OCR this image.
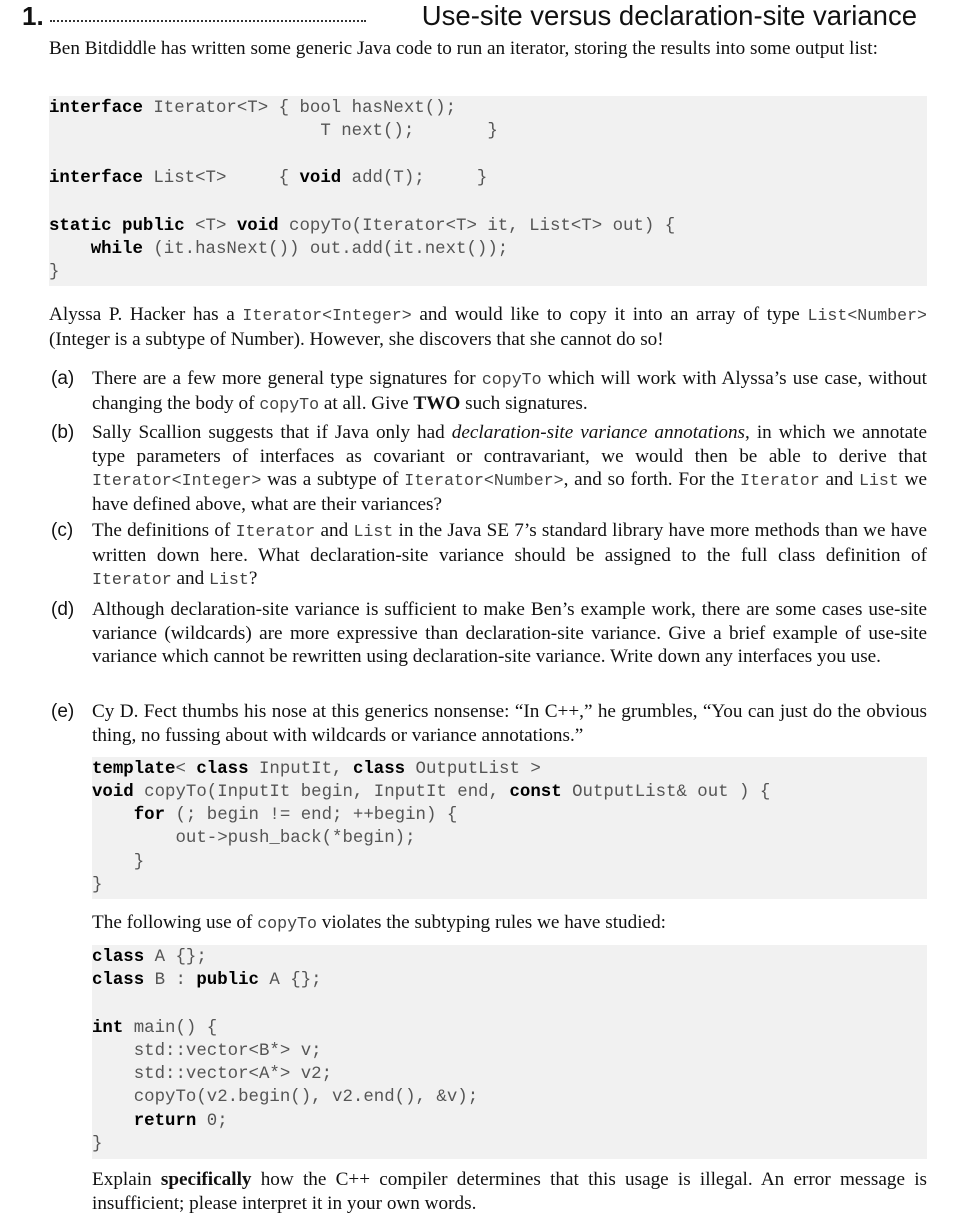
1.	Use-site versus declaration-site variance
Ben Bitdiddle has written some generic Java code to run an iterator, storing the results into some output list:
interface Iterator<T> { bool hasNext();
T next();       }
interface List<T>     { void add(T);     }
static public <T> void copyTo(Iterator<T> it, List<T> out) {
while (it.hasNext()) out.add(it.next());
}
Alyssa P. Hacker has a Iterator<Integer> and would like to copy it into an array of type List<Number> (Integer is a subtype of Number). However, she discovers that she cannot do so!
(a) There are a few more general type signatures for copyTo which will work with Alyssa’s use case, without changing the body of copyTo at all. Give TWO such signatures.
(b) Sally Scallion suggests that if Java only had declaration-site variance annotations, in which we annotate type parameters of interfaces as covariant or contravariant, we would then be able to derive that Iterator<Integer> was a subtype of Iterator<Number>, and so forth. For the Iterator and List we have defined above, what are their variances?
(c) The definitions of Iterator and List in the Java SE 7’s standard library have more methods than we have written down here. What declaration-site variance should be assigned to the full class definition of Iterator and List?
(d) Although declaration-site variance is sufficient to make Ben’s example work, there are some cases use-site variance (wildcards) are more expressive than declaration-site variance. Give a brief example of use-site variance which cannot be rewritten using declaration-site variance. Write down any interfaces you use.
(e) Cy D. Fect thumbs his nose at this generics nonsense: “In C++,” he grumbles, “You can just do the obvious thing, no fussing about with wildcards or variance annotations.”
template< class InputIt, class OutputList >
void copyTo(InputIt begin, InputIt end, const OutputList& out ) {
for (; begin != end; ++begin) {
out->push_back(*begin);
}
}
The following use of copyTo violates the subtyping rules we have studied:
class A {};
class B : public A {};
int main() {
std::vector<B*> v;
std::vector<A*> v2;
copyTo(v2.begin(), v2.end(), &v);
return 0;
}
Explain specifically how the C++ compiler determines that this usage is illegal. An error message is insufficient; please interpret it in your own words.
